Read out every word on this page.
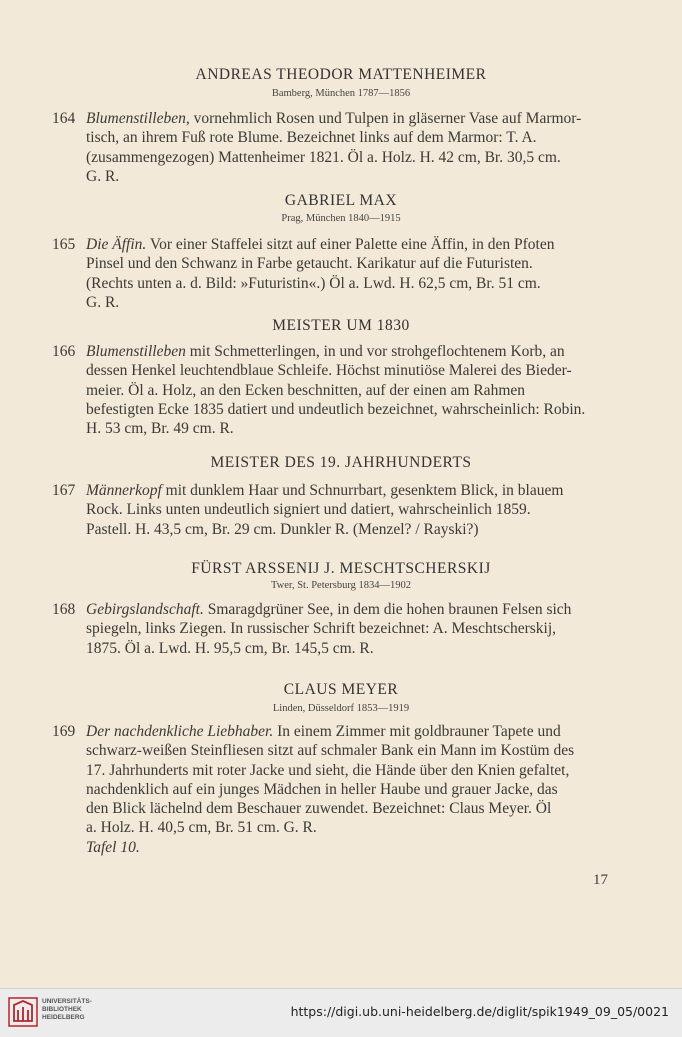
ANDREAS THEODOR MATTENHEIMER
Bamberg, München 1787—1856
164 Blumenstilleben, vornehmlich Rosen und Tulpen in gläserner Vase auf Marmor-
tisch, an ihrem Fuß rote Blume. Bezeichnet links auf dem Marmor: T. A.
(zusammengezogen) Mattenheimer 1821. Öl a. Holz. H. 42 cm, Br. 30,5 cm.
G. R.
GABRIEL MAX
Prag, München 1840—1915
165 Die Äffin. Vor einer Staffelei sitzt auf einer Palette eine Äffin, in den Pfoten
Pinsel und den Schwanz in Farbe getaucht. Karikatur auf die Futuristen.
(Rechts unten a. d. Bild: »Futuristin«.) Öl a. Lwd. H. 62,5 cm, Br. 51 cm.
G. R.
MEISTER UM 1830
166 Blumenstilleben mit Schmetterlingen, in und vor strohgeflochtenem Korb, an
dessen Henkel leuchtendblaue Schleife. Höchst minutiöse Malerei des Bieder-
meier. Öl a. Holz, an den Ecken beschnitten, auf der einen am Rahmen
befestigten Ecke 1835 datiert und undeutlich bezeichnet, wahrscheinlich: Robin.
H. 53 cm, Br. 49 cm. R.
MEISTER DES 19. JAHRHUNDERTS
167 Männerkopf mit dunklem Haar und Schnurrbart, gesenktem Blick, in blauem
Rock. Links unten undeutlich signiert und datiert, wahrscheinlich 1859.
Pastell. H. 43,5 cm, Br. 29 cm. Dunkler R. (Menzel? / Rayski?)
FÜRST ARSSENIJ J. MESCHTSCHERSKIJ
Twer, St. Petersburg 1834—1902
168 Gebirgslandschaft. Smaragdgrüner See, in dem die hohen braunen Felsen sich
spiegeln, links Ziegen. In russischer Schrift bezeichnet: A. Meschtscherskij,
1875. Öl a. Lwd. H. 95,5 cm, Br. 145,5 cm. R.
CLAUS MEYER
Linden, Düsseldorf 1853—1919
169 Der nachdenkliche Liebhaber. In einem Zimmer mit goldbrauner Tapete und
schwarz-weißen Steinfliesen sitzt auf schmaler Bank ein Mann im Kostüm des
17. Jahrhunderts mit roter Jacke und sieht, die Hände über den Knien gefaltet,
nachdenklich auf ein junges Mädchen in heller Haube und grauer Jacke, das
den Blick lächelnd dem Beschauer zuwendet. Bezeichnet: Claus Meyer. Öl
a. Holz. H. 40,5 cm, Br. 51 cm. G. R.
Tafel 10.
17
UNIVERSITÄTS-
BIBLIOTHEK
HEIDELBERG	https://digi.ub.uni-heidelberg.de/diglit/spik1949_09_05/0021
